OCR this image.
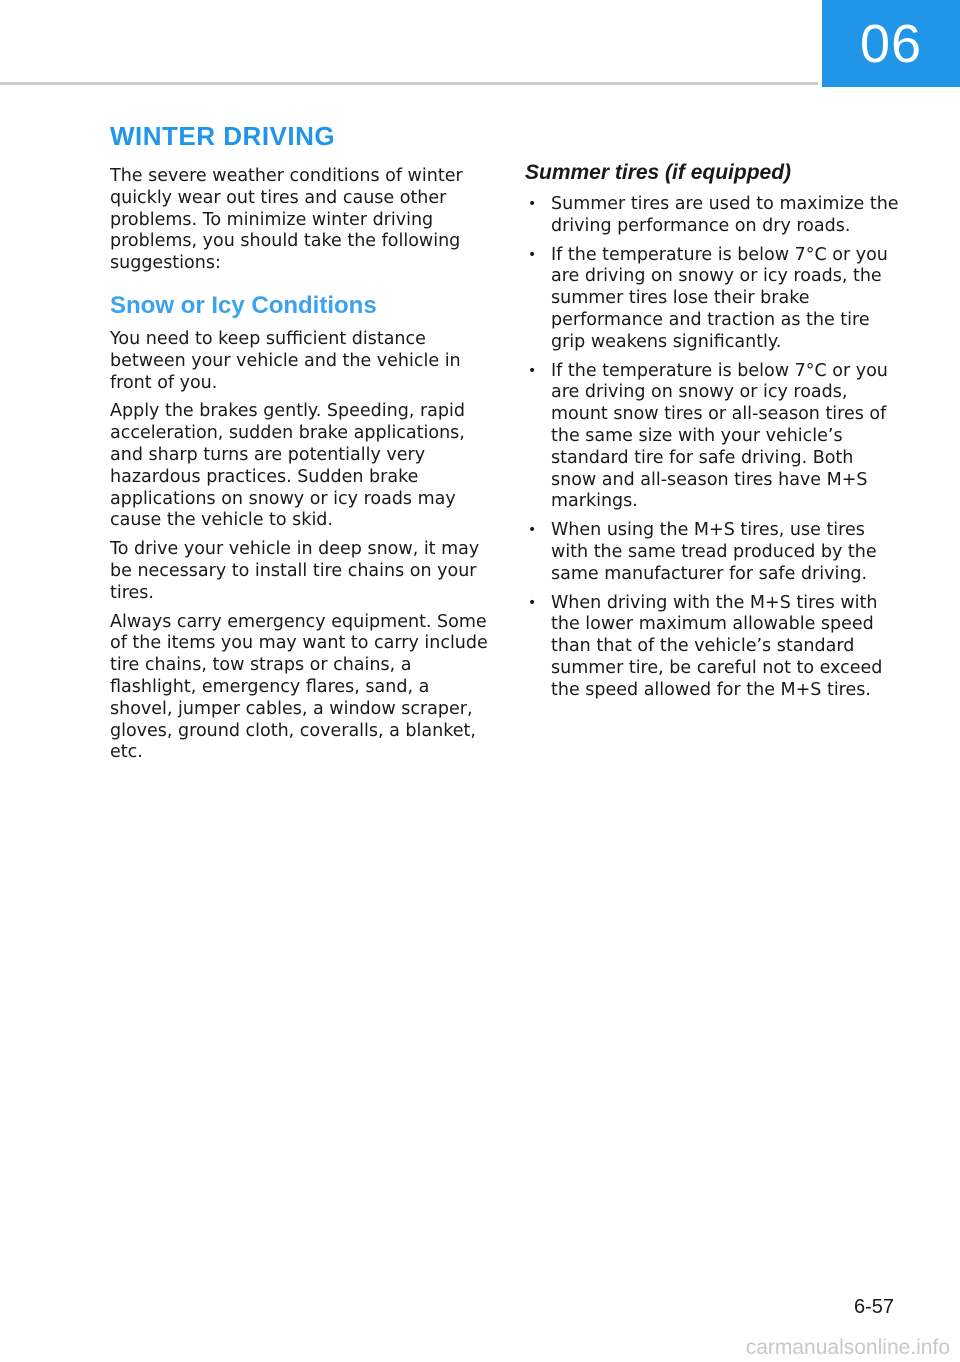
06
WINTER DRIVING

The severe weather conditions of winter quickly wear out tires and cause other problems. To minimize winter driving problems, you should take the following suggestions:

Snow or Icy Conditions

You need to keep sufficient distance between your vehicle and the vehicle in front of you.

Apply the brakes gently. Speeding, rapid acceleration, sudden brake applications, and sharp turns are potentially very hazardous practices. Sudden brake applications on snowy or icy roads may cause the vehicle to skid.

To drive your vehicle in deep snow, it may be necessary to install tire chains on your tires.

Always carry emergency equipment. Some of the items you may want to carry include tire chains, tow straps or chains, a flashlight, emergency flares, sand, a shovel, jumper cables, a window scraper, gloves, ground cloth, coveralls, a blanket, etc.

Summer tires (if equipped)
• Summer tires are used to maximize the driving performance on dry roads.
• If the temperature is below 7°C or you are driving on snowy or icy roads, the summer tires lose their brake performance and traction as the tire grip weakens significantly.
• If the temperature is below 7°C or you are driving on snowy or icy roads, mount snow tires or all-season tires of the same size with your vehicle’s standard tire for safe driving. Both snow and all-season tires have M+S markings.
• When using the M+S tires, use tires with the same tread produced by the same manufacturer for safe driving.
• When driving with the M+S tires with the lower maximum allowable speed than that of the vehicle’s standard summer tire, be careful not to exceed the speed allowed for the M+S tires.
6-57
carmanualsonline.info
